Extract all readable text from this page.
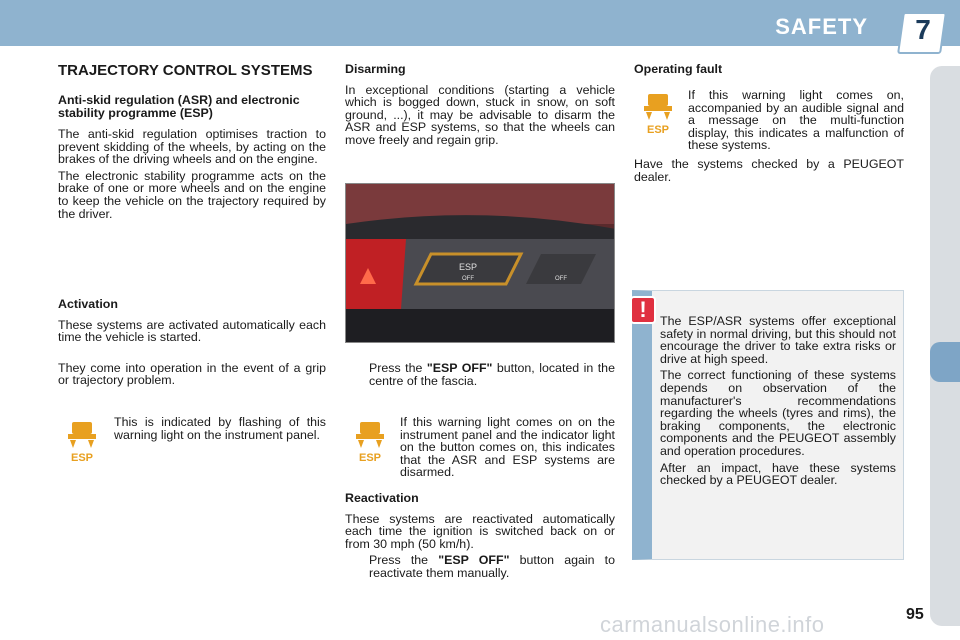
SAFETY	7
TRAJECTORY CONTROL SYSTEMS
Anti-skid regulation (ASR) and electronic stability programme (ESP)

The anti-skid regulation optimises traction to prevent skidding of the wheels, by acting on the brakes of the driving wheels and on the engine.

The electronic stability programme acts on the brake of one or more wheels and on the engine to keep the vehicle on the trajectory required by the driver.

Activation

These systems are activated automatically each time the vehicle is started.

They come into operation in the event of a grip or trajectory problem.

ESP
This is indicated by flashing of this warning light on the instrument panel.
Disarming

In exceptional conditions (starting a vehicle which is bogged down, stuck in snow, on soft ground, ...), it may be advisable to disarm the ASR and ESP systems, so that the wheels can move freely and regain grip.

ESP
OFF	OFF
Press the "ESP OFF" button, located in the centre of the fascia.
ESP
If this warning light comes on on the instrument panel and the indicator light on the button comes on, this indicates that the ASR and ESP systems are disarmed.
Reactivation

These systems are reactivated automatically each time the ignition is switched back on or from 30 mph (50 km/h).

Press the "ESP OFF" button again to reactivate them manually.
Operating fault
ESP
If this warning light comes on, accompanied by an audible signal and a message on the multi-function display, this indicates a malfunction of these systems.
Have the systems checked by a PEUGEOT dealer.
!	The ESP/ASR systems offer exceptional safety in normal driving, but this should not encourage the driver to take extra risks or drive at high speed.

The correct functioning of these systems depends on observation of the manufacturer's recommendations regarding the wheels (tyres and rims), the braking components, the electronic components and the PEUGEOT assembly and operation procedures.

After an impact, have these systems checked by a PEUGEOT dealer.

carmanualsonline.info	95
